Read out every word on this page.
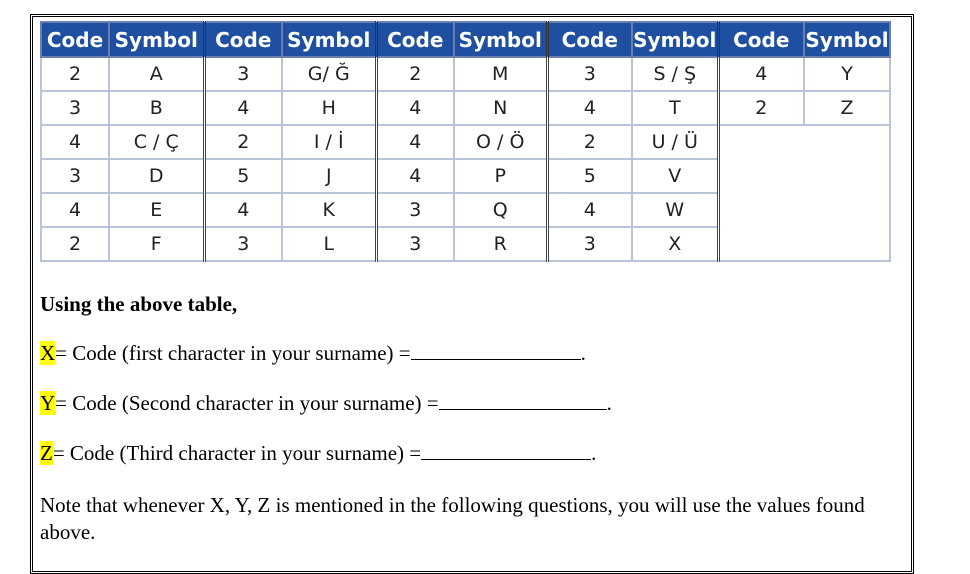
Code	Symbol	Code	Symbol	Code	Symbol	Code	Symbol	Code	Symbol
2	A	3	G/ Ğ	2	M	3	S / Ş	4	Y
3	B	4	H	4	N	4	T	2	Z
4	C / Ç	2	I / İ	4	O / Ö	2	U / Ü		
3	D	5	J	4	P	5	V		
4	E	4	K	3	Q	4	W		
2	F	3	L	3	R	3	X		
Using the above table,
X= Code (first character in your surname) =	.
Y= Code (Second character in your surname) =	.
Z= Code (Third character in your surname) =	.
Note that whenever X, Y, Z is mentioned in the following questions, you will use the values found above.
